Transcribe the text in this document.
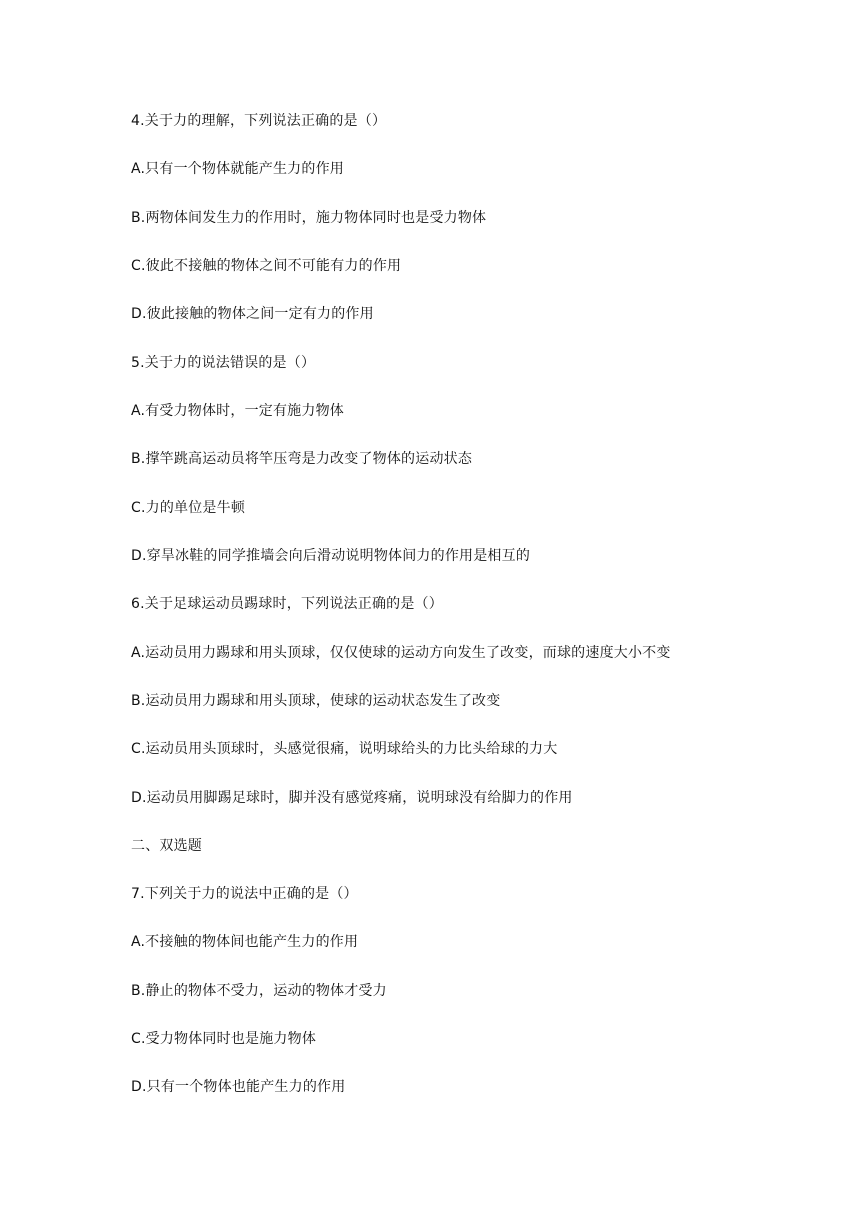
4.关于力的理解，下列说法正确的是（）
A.只有一个物体就能产生力的作用
B.两物体间发生力的作用时，施力物体同时也是受力物体
C.彼此不接触的物体之间不可能有力的作用
D.彼此接触的物体之间一定有力的作用
5.关于力的说法错误的是（）
A.有受力物体时，一定有施力物体
B.撑竿跳高运动员将竿压弯是力改变了物体的运动状态
C.力的单位是牛顿
D.穿旱冰鞋的同学推墙会向后滑动说明物体间力的作用是相互的
6.关于足球运动员踢球时，下列说法正确的是（）
A.运动员用力踢球和用头顶球，仅仅使球的运动方向发生了改变，而球的速度大小不变
B.运动员用力踢球和用头顶球，使球的运动状态发生了改变
C.运动员用头顶球时，头感觉很痛，说明球给头的力比头给球的力大
D.运动员用脚踢足球时，脚并没有感觉疼痛，说明球没有给脚力的作用
二、双选题
7.下列关于力的说法中正确的是（）
A.不接触的物体间也能产生力的作用
B.静止的物体不受力，运动的物体才受力
C.受力物体同时也是施力物体
D.只有一个物体也能产生力的作用
